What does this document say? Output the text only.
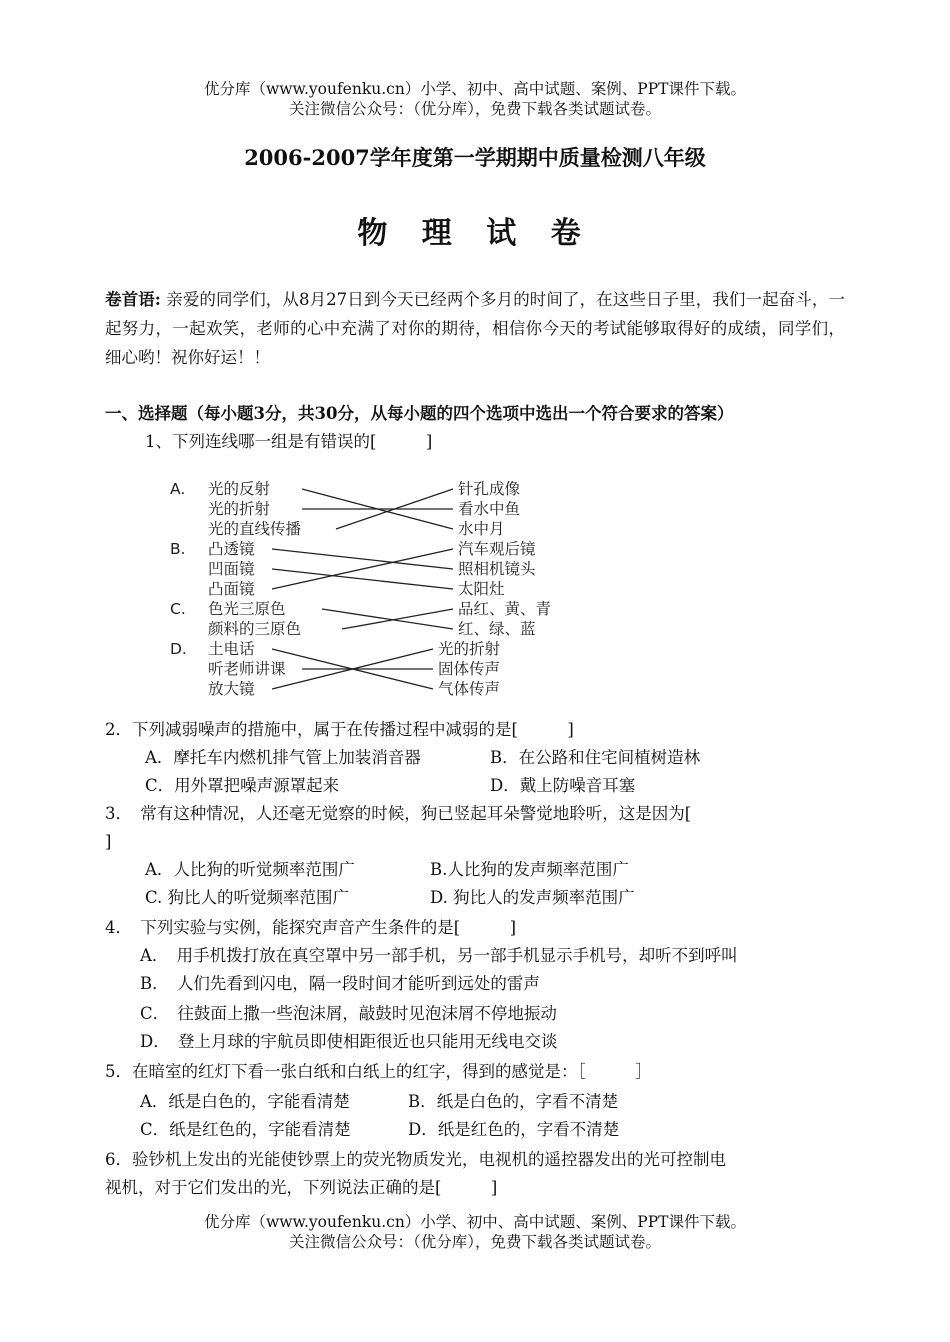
优分库（www.youfenku.cn）小学、初中、高中试题、案例、PPT课件下载。
关注微信公众号：（优分库），免费下载各类试题试卷。
2006-2007学年度第一学期期中质量检测八年级
物 理 试 卷
卷首语: 亲爱的同学们，从8月27日到今天已经两个多月的时间了，在这些日子里，我们一起奋斗，一起努力，一起欢笑，老师的心中充满了对你的期待，相信你今天的考试能够取得好的成绩，同学们，细心哟！祝你好运！！
一、选择题（每小题3分，共30分，从每小题的四个选项中选出一个符合要求的答案）
1、下列连线哪一组是有错误的[　　　]
A. 光的反射
光的折射
光的直线传播
针孔成像
看水中鱼
水中月
B. 凸透镜
凹面镜
凸面镜
汽车观后镜
照相机镜头
太阳灶
C. 色光三原色
颜料的三原色
品红、黄、青
红、绿、蓝
D. 土电话
听老师讲课
放大镜
光的折射
固体传声
气体传声
2．下列减弱噪声的措施中，属于在传播过程中减弱的是[　　　]
A．摩托车内燃机排气管上加装消音器	B．在公路和住宅间植树造林
C．用外罩把噪声源罩起来	D．戴上防噪音耳塞
3．　常有这种情况，人还毫无觉察的时候，狗已竖起耳朵警觉地聆听，这是因为[
]
A．人比狗的听觉频率范围广	B.人比狗的发声频率范围广
C. 狗比人的听觉频率范围广	D. 狗比人的发声频率范围广
4．　下列实验与实例，能探究声音产生条件的是[　　　]
A．　用手机拨打放在真空罩中另一部手机，另一部手机显示手机号，却听不到呼叫
B．　人们先看到闪电，隔一段时间才能听到远处的雷声
C．　往鼓面上撒一些泡沫屑，敲鼓时见泡沫屑不停地振动
D．　登上月球的宇航员即使相距很近也只能用无线电交谈
5．在暗室的红灯下看一张白纸和白纸上的红字，得到的感觉是：［　　　］
A．纸是白色的，字能看清楚	B．纸是白色的，字看不清楚
C．纸是红色的，字能看清楚	D．纸是红色的，字看不清楚
6．验钞机上发出的光能使钞票上的荧光物质发光，电视机的遥控器发出的光可控制电
视机，对于它们发出的光，下列说法正确的是[　　　]
优分库（www.youfenku.cn）小学、初中、高中试题、案例、PPT课件下载。
关注微信公众号：（优分库），免费下载各类试题试卷。
